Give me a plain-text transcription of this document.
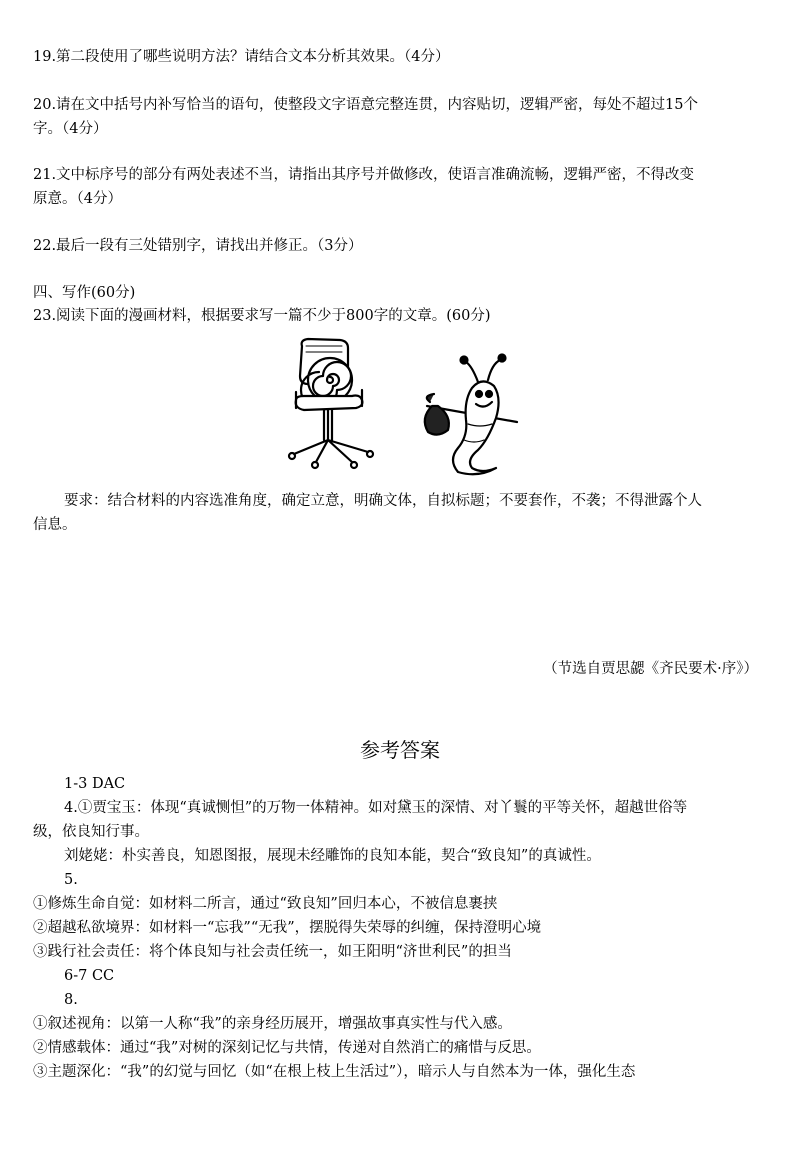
19.第二段使用了哪些说明方法？请结合文本分析其效果。（4分）
20.请在文中括号内补写恰当的语句，使整段文字语意完整连贯，内容贴切，逻辑严密，每处不超过15个
字。（4分）
21.文中标序号的部分有两处表述不当，请指出其序号并做修改，使语言准确流畅，逻辑严密，不得改变
原意。（4分）
22.最后一段有三处错别字，请找出并修正。（3分）
四、写作(60分)
23.阅读下面的漫画材料，根据要求写一篇不少于800字的文章。(60分)
要求：结合材料的内容选准角度，确定立意，明确文体，自拟标题；不要套作，不袭；不得泄露个人
信息。
（节选自贾思勰《齐民要术·序》）
参考答案
1-3 DAC
4.①贾宝玉：体现“真诚恻怛”的万物一体精神。如对黛玉的深情、对丫鬟的平等关怀，超越世俗等
级，依良知行事。
刘姥姥：朴实善良，知恩图报，展现未经雕饰的良知本能，契合“致良知”的真诚性。
5.
①修炼生命自觉：如材料二所言，通过“致良知”回归本心，不被信息裹挟
②超越私欲境界：如材料一“忘我”“无我”，摆脱得失荣辱的纠缠，保持澄明心境
③践行社会责任：将个体良知与社会责任统一，如王阳明“济世利民”的担当
6-7 CC
8.
①叙述视角：以第一人称“我”的亲身经历展开，增强故事真实性与代入感。
②情感载体：通过“我”对树的深刻记忆与共情，传递对自然消亡的痛惜与反思。
③主题深化：“我”的幻觉与回忆（如“在根上枝上生活过”），暗示人与自然本为一体，强化生态
